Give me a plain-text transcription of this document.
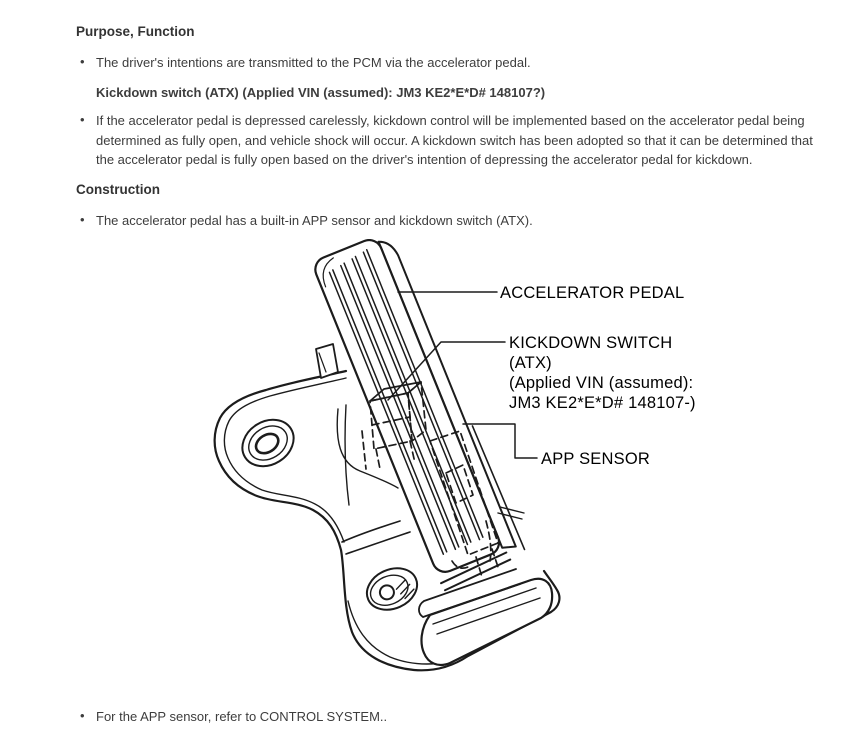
Purpose, Function
• The driver's intentions are transmitted to the PCM via the accelerator pedal.
Kickdown switch (ATX) (Applied VIN (assumed): JM3 KE2*E*D# 148107?)
• If the accelerator pedal is depressed carelessly, kickdown control will be implemented based on the accelerator pedal being determined as fully open, and vehicle shock will occur. A kickdown switch has been adopted so that it can be determined that the accelerator pedal is fully open based on the driver's intention of depressing the accelerator pedal for kickdown.
Construction
• The accelerator pedal has a built-in APP sensor and kickdown switch (ATX).
ACCELERATOR PEDAL
KICKDOWN SWITCH
(ATX)
(Applied VIN (assumed):
JM3 KE2*E*D# 148107-)
APP SENSOR
• For the APP sensor, refer to CONTROL SYSTEM..
